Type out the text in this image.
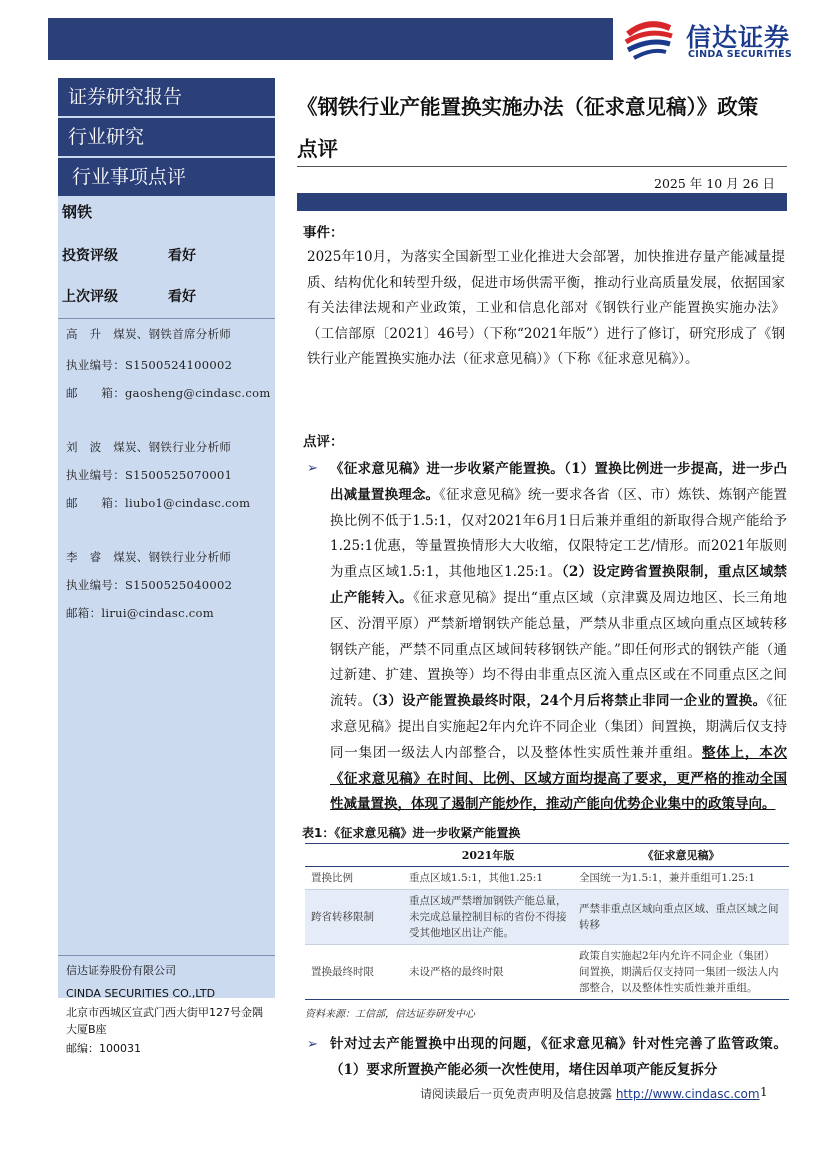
信达证券
CINDA SECURITIES
证券研究报告
行业研究
行业事项点评
钢铁
投资评级	看好
上次评级	看好
高　升　煤炭、钢铁首席分析师
执业编号：S1500524100002
邮　　箱：gaosheng@cindasc.com
刘　波　煤炭、钢铁行业分析师
执业编号：S1500525070001
邮　　箱：liubo1@cindasc.com
李　睿　煤炭、钢铁行业分析师
执业编号：S1500525040002
邮箱：lirui@cindasc.com
信达证券股份有限公司
CINDA SECURITIES CO.,LTD
北京市西城区宣武门西大街甲127号金隅大厦B座
邮编：100031
《钢铁行业产能置换实施办法（征求意见稿）》政策
点评
2025 年 10 月 26 日
事件：
2025年10月，为落实全国新型工业化推进大会部署，加快推进存量产能减量提质、结构优化和转型升级，促进市场供需平衡，推动行业高质量发展，依据国家有关法律法规和产业政策，工业和信息化部对《钢铁行业产能置换实施办法》（工信部原〔2021〕46号）（下称“2021年版”）进行了修订，研究形成了《钢铁行业产能置换实施办法（征求意见稿）》（下称《征求意见稿》）。
点评：
➢ 《征求意见稿》进一步收紧产能置换。（1）置换比例进一步提高，进一步凸出减量置换理念。《征求意见稿》统一要求各省（区、市）炼铁、炼钢产能置换比例不低于1.5:1，仅对2021年6月1日后兼并重组的新取得合规产能给予1.25:1优惠，等量置换情形大大收缩，仅限特定工艺/情形。而2021年版则为重点区域1.5:1，其他地区1.25:1。（2）设定跨省置换限制，重点区域禁止产能转入。《征求意见稿》提出“重点区域（京津冀及周边地区、长三角地区、汾渭平原）严禁新增钢铁产能总量，严禁从非重点区域向重点区域转移钢铁产能，严禁不同重点区域间转移钢铁产能。”即任何形式的钢铁产能（通过新建、扩建、置换等）均不得由非重点区流入重点区或在不同重点区之间流转。（3）设产能置换最终时限，24个月后将禁止非同一企业的置换。《征求意见稿》提出自实施起2年内允许不同企业（集团）间置换，期满后仅支持同一集团一级法人内部整合，以及整体性实质性兼并重组。整体上，本次《征求意见稿》在时间、比例、区域方面均提高了要求，更严格的推动全国性减量置换，体现了遏制产能炒作，推动产能向优势企业集中的政策导向。
表1：《征求意见稿》进一步收紧产能置换
	2021年版	《征求意见稿》
置换比例	重点区域1.5:1，其他1.25:1	全国统一为1.5:1，兼并重组可1.25:1
跨省转移限制	重点区域严禁增加钢铁产能总量，未完成总量控制目标的省份不得接受其他地区出让产能。	严禁非重点区域向重点区域、重点区域之间转移
置换最终时限	未设严格的最终时限	政策自实施起2年内允许不同企业（集团）间置换，期满后仅支持同一集团一级法人内部整合，以及整体性实质性兼并重组。
资料来源：工信部，信达证券研发中心
➢ 针对过去产能置换中出现的问题，《征求意见稿》针对性完善了监管政策。（1）要求所置换产能必须一次性使用，堵住因单项产能反复拆分
请阅读最后一页免责声明及信息披露 http://www.cindasc.com 1
